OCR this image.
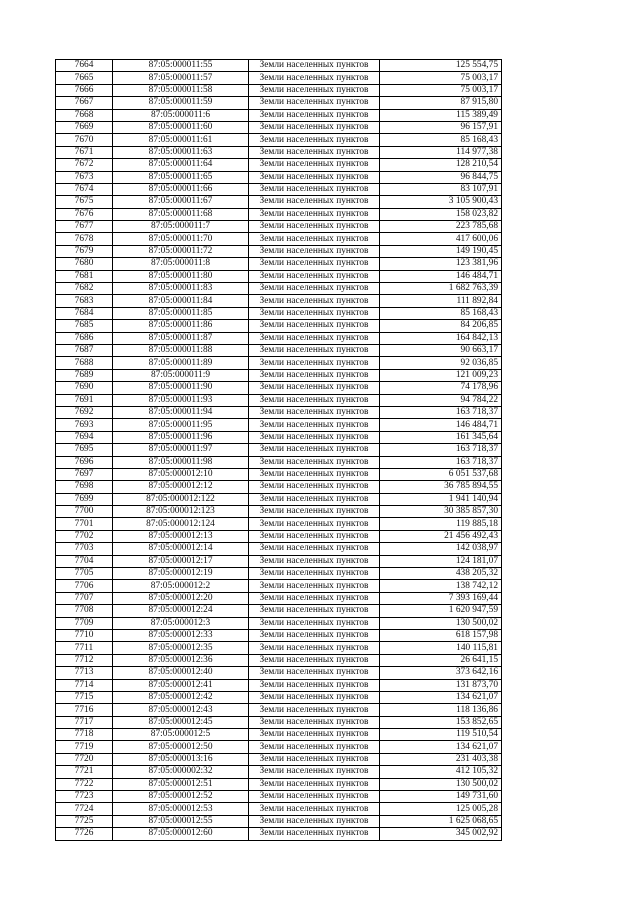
7664	87:05:000011:55	Земли населенных пунктов	125 554,75
7665	87:05:000011:57	Земли населенных пунктов	75 003,17
7666	87:05:000011:58	Земли населенных пунктов	75 003,17
7667	87:05:000011:59	Земли населенных пунктов	87 915,80
7668	87:05:000011:6	Земли населенных пунктов	115 389,49
7669	87:05:000011:60	Земли населенных пунктов	96 157,91
7670	87:05:000011:61	Земли населенных пунктов	85 168,43
7671	87:05:000011:63	Земли населенных пунктов	114 977,38
7672	87:05:000011:64	Земли населенных пунктов	128 210,54
7673	87:05:000011:65	Земли населенных пунктов	96 844,75
7674	87:05:000011:66	Земли населенных пунктов	83 107,91
7675	87:05:000011:67	Земли населенных пунктов	3 105 900,43
7676	87:05:000011:68	Земли населенных пунктов	158 023,82
7677	87:05:000011:7	Земли населенных пунктов	223 785,68
7678	87:05:000011:70	Земли населенных пунктов	417 600,06
7679	87:05:000011:72	Земли населенных пунктов	149 190,45
7680	87:05:000011:8	Земли населенных пунктов	123 381,96
7681	87:05:000011:80	Земли населенных пунктов	146 484,71
7682	87:05:000011:83	Земли населенных пунктов	1 682 763,39
7683	87:05:000011:84	Земли населенных пунктов	111 892,84
7684	87:05:000011:85	Земли населенных пунктов	85 168,43
7685	87:05:000011:86	Земли населенных пунктов	84 206,85
7686	87:05:000011:87	Земли населенных пунктов	164 842,13
7687	87:05:000011:88	Земли населенных пунктов	90 663,17
7688	87:05:000011:89	Земли населенных пунктов	92 036,85
7689	87:05:000011:9	Земли населенных пунктов	121 009,23
7690	87:05:000011:90	Земли населенных пунктов	74 178,96
7691	87:05:000011:93	Земли населенных пунктов	94 784,22
7692	87:05:000011:94	Земли населенных пунктов	163 718,37
7693	87:05:000011:95	Земли населенных пунктов	146 484,71
7694	87:05:000011:96	Земли населенных пунктов	161 345,64
7695	87:05:000011:97	Земли населенных пунктов	163 718,37
7696	87:05:000011:98	Земли населенных пунктов	163 718,37
7697	87:05:000012:10	Земли населенных пунктов	6 051 537,68
7698	87:05:000012:12	Земли населенных пунктов	36 785 894,55
7699	87:05:000012:122	Земли населенных пунктов	1 941 140,94
7700	87:05:000012:123	Земли населенных пунктов	30 385 857,30
7701	87:05:000012:124	Земли населенных пунктов	119 885,18
7702	87:05:000012:13	Земли населенных пунктов	21 456 492,43
7703	87:05:000012:14	Земли населенных пунктов	142 038,97
7704	87:05:000012:17	Земли населенных пунктов	124 181,07
7705	87:05:000012:19	Земли населенных пунктов	438 205,32
7706	87:05:000012:2	Земли населенных пунктов	138 742,12
7707	87:05:000012:20	Земли населенных пунктов	7 393 169,44
7708	87:05:000012:24	Земли населенных пунктов	1 620 947,59
7709	87:05:000012:3	Земли населенных пунктов	130 500,02
7710	87:05:000012:33	Земли населенных пунктов	618 157,98
7711	87:05:000012:35	Земли населенных пунктов	140 115,81
7712	87:05:000012:36	Земли населенных пунктов	26 641,15
7713	87:05:000012:40	Земли населенных пунктов	373 642,16
7714	87:05:000012:41	Земли населенных пунктов	131 873,70
7715	87:05:000012:42	Земли населенных пунктов	134 621,07
7716	87:05:000012:43	Земли населенных пунктов	118 136,86
7717	87:05:000012:45	Земли населенных пунктов	153 852,65
7718	87:05:000012:5	Земли населенных пунктов	119 510,54
7719	87:05:000012:50	Земли населенных пунктов	134 621,07
7720	87:05:000013:16	Земли населенных пунктов	231 403,38
7721	87:05:000002:32	Земли населенных пунктов	412 105,32
7722	87:05:000012:51	Земли населенных пунктов	130 500,02
7723	87:05:000012:52	Земли населенных пунктов	149 731,60
7724	87:05:000012:53	Земли населенных пунктов	125 005,28
7725	87:05:000012:55	Земли населенных пунктов	1 625 068,65
7726	87:05:000012:60	Земли населенных пунктов	345 002,92
